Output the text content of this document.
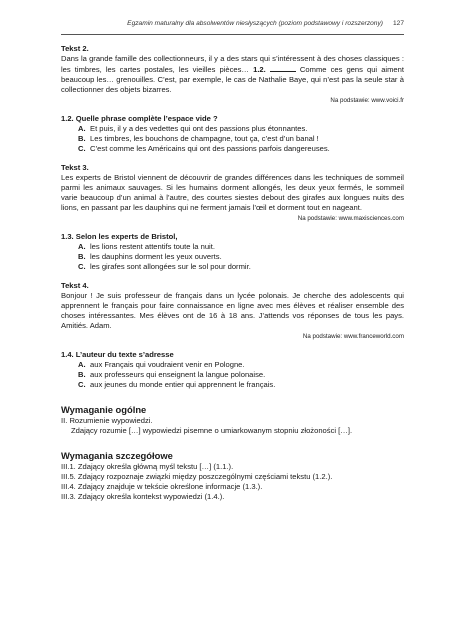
Egzamin maturalny dla absolwentów niesłyszących (poziom podstawowy i rozszerzony) 127
Tekst 2.

Dans la grande famille des collectionneurs, il y a des stars qui s’intéressent à des choses classiques : les timbres, les cartes postales, les vieilles pièces… 1.2.	Comme ces gens qui aiment beaucoup les… grenouilles. C’est, par exemple, le cas de Nathalie Baye, qui n’est pas la seule star à collectionner des objets bizarres.

Na podstawie: www.voici.fr
1.2. Quelle phrase complète l’espace vide ?
A. Et puis, il y a des vedettes qui ont des passions plus étonnantes.
B. Les timbres, les bouchons de champagne, tout ça, c’est d’un banal !
C. C’est comme les Américains qui ont des passions parfois dangereuses.
Tekst 3.

Les experts de Bristol viennent de découvrir de grandes différences dans les techniques de sommeil parmi les animaux sauvages. Si les humains dorment allongés, les deux yeux fermés, le sommeil varie beaucoup d’un animal à l’autre, des courtes siestes debout des girafes aux longues nuits des lions, en passant par les dauphins qui ne ferment jamais l’œil et dorment tout en nageant.

Na podstawie: www.maxisciences.com
1.3. Selon les experts de Bristol,
A. les lions restent attentifs toute la nuit.
B. les dauphins dorment les yeux ouverts.
C. les girafes sont allongées sur le sol pour dormir.
Tekst 4.

Bonjour ! Je suis professeur de français dans un lycée polonais. Je cherche des adolescents qui apprennent le français pour faire connaissance en ligne avec mes élèves et réaliser ensemble des choses intéressantes. Mes élèves ont de 16 à 18 ans. J’attends vos réponses de tous les pays. Amitiés. Adam.

Na podstawie: www.franceworld.com
1.4. L’auteur du texte s’adresse
A. aux Français qui voudraient venir en Pologne.
B. aux professeurs qui enseignent la langue polonaise.
C. aux jeunes du monde entier qui apprennent le français.
Wymaganie ogólne
II. Rozumienie wypowiedzi.
Zdający rozumie […] wypowiedzi pisemne o umiarkowanym stopniu złożoności […].
Wymagania szczegółowe
III.1. Zdający określa główną myśl tekstu […] (1.1.).
III.5. Zdający rozpoznaje związki między poszczególnymi częściami tekstu (1.2.).
III.4. Zdający znajduje w tekście określone informacje (1.3.).
III.3. Zdający określa kontekst wypowiedzi (1.4.).
